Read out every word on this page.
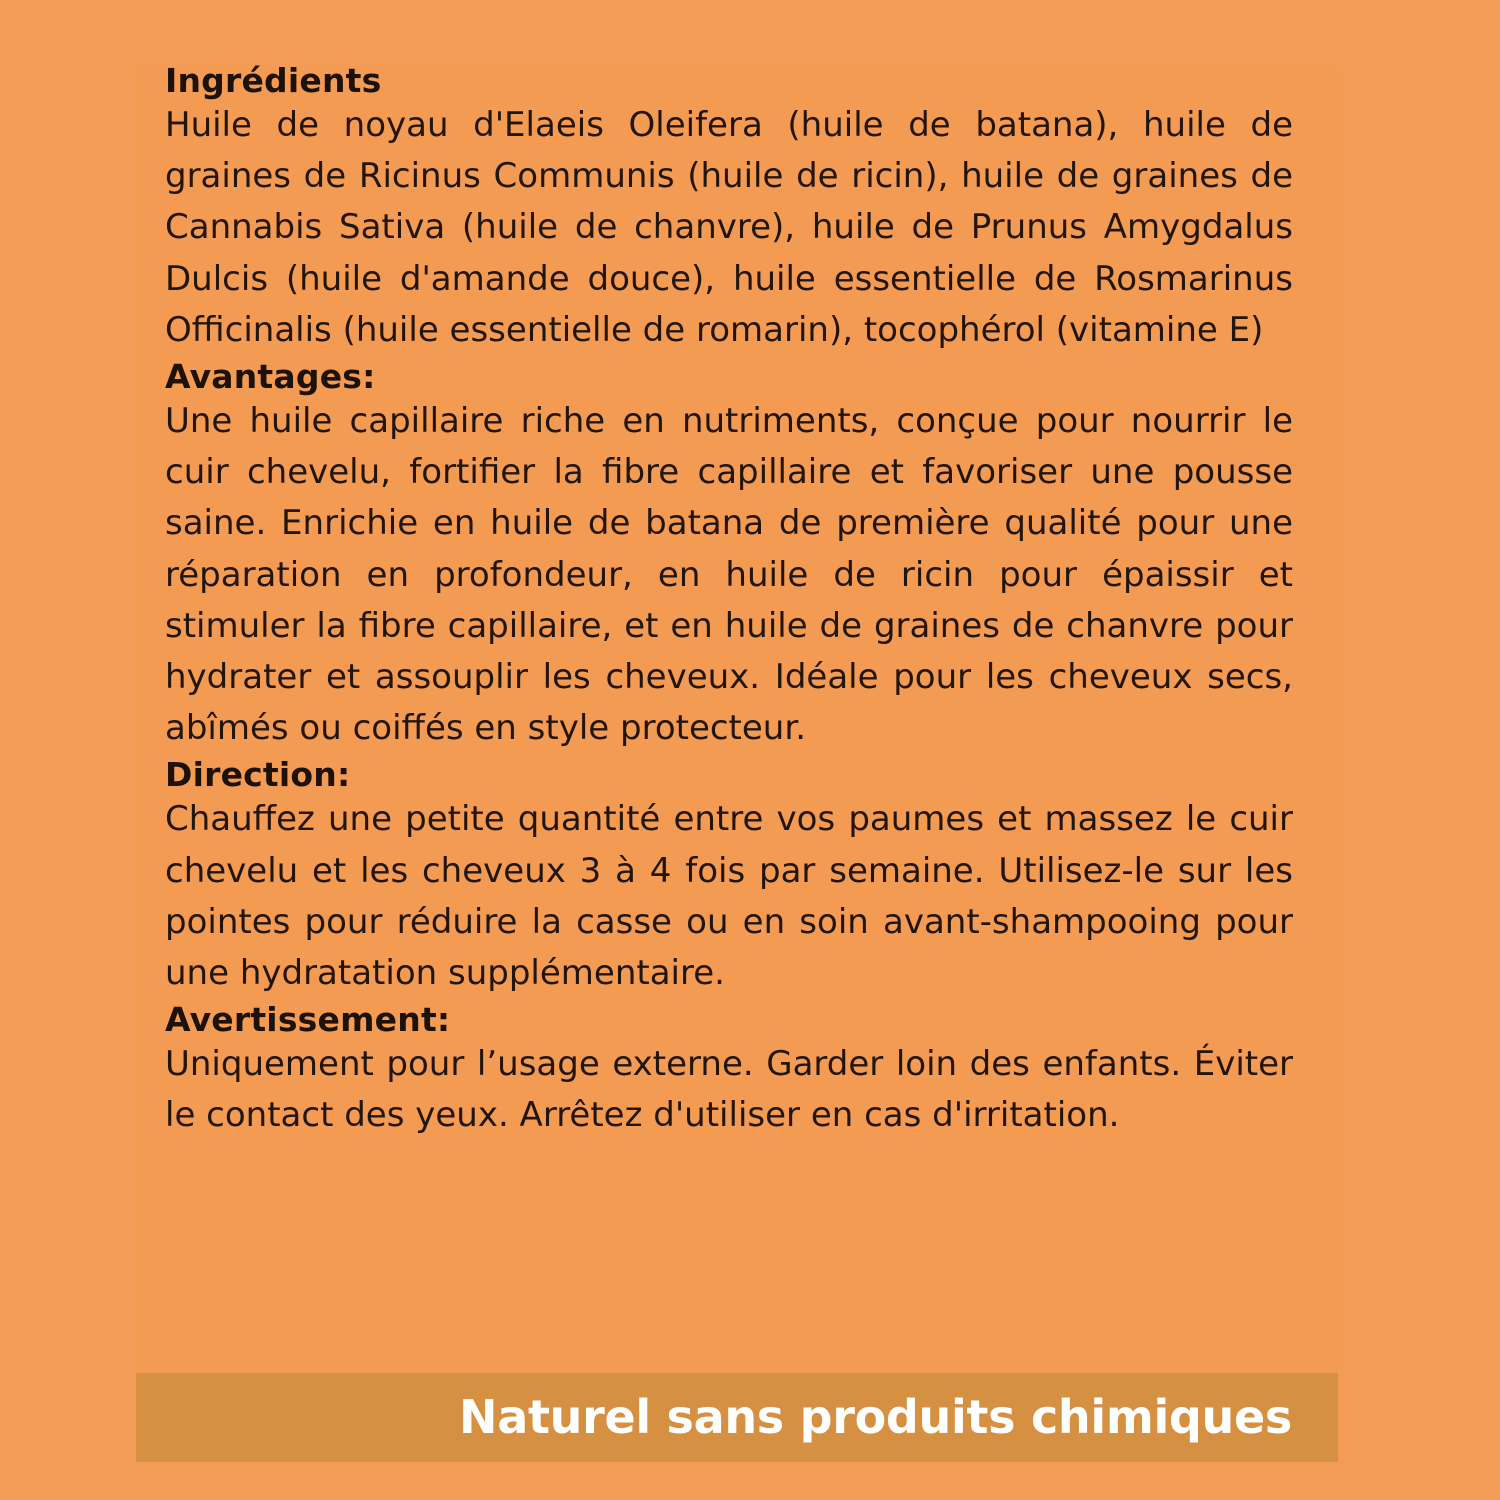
Ingrédients

Huile de noyau d'Elaeis Oleifera (huile de batana), huile de graines de Ricinus Communis (huile de ricin), huile de graines de Cannabis Sativa (huile de chanvre), huile de Prunus Amygdalus Dulcis (huile d'amande douce), huile essentielle de Rosmarinus Officinalis (huile essentielle de romarin), tocophérol (vitamine E)

Avantages:

Une huile capillaire riche en nutriments, conçue pour nourrir le cuir chevelu, fortifier la fibre capillaire et favoriser une pousse saine. Enrichie en huile de batana de première qualité pour une réparation en profondeur, en huile de ricin pour épaissir et stimuler la fibre capillaire, et en huile de graines de chanvre pour hydrater et assouplir les cheveux. Idéale pour les cheveux secs, abîmés ou coiffés en style protecteur.

Direction:

Chauffez une petite quantité entre vos paumes et massez le cuir chevelu et les cheveux 3 à 4 fois par semaine. Utilisez-le sur les pointes pour réduire la casse ou en soin avant-shampooing pour une hydratation supplémentaire.

Avertissement:

Uniquement pour l’usage externe. Garder loin des enfants. Éviter le contact des yeux. Arrêtez d'utiliser en cas d'irritation.

Naturel sans produits chimiques
